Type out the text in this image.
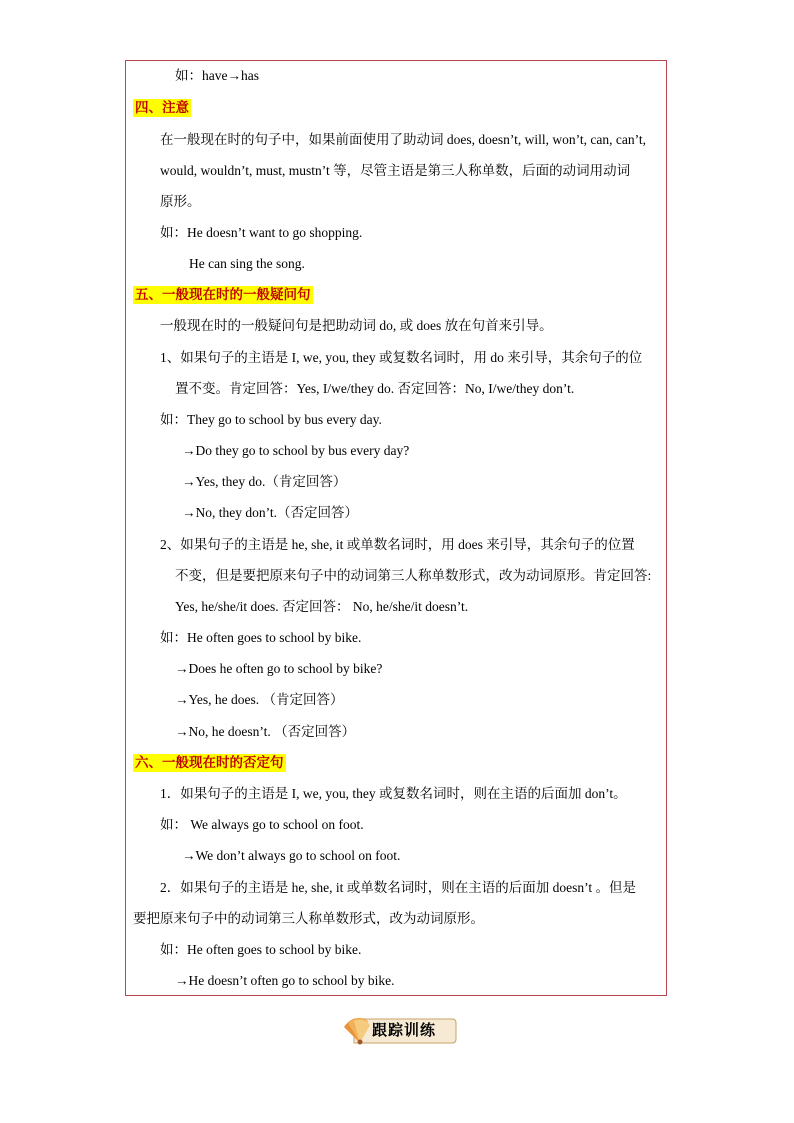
如：have→has
四、注意
在一般现在时的句子中，如果前面使用了助动词 does, doesn’t, will, won’t, can, can’t,
would, wouldn’t, must, mustn’t 等，尽管主语是第三人称单数，后面的动词用动词
原形。
如：He doesn’t want to go shopping.
He can sing the song.
五、一般现在时的一般疑问句
一般现在时的一般疑问句是把助动词 do, 或 does 放在句首来引导。
1、如果句子的主语是 I, we, you, they 或复数名词时，用 do 来引导，其余句子的位
置不变。肯定回答：Yes, I/we/they do. 否定回答：No, I/we/they don’t.
如：They go to school by bus every day.
→Do they go to school by bus every day?
→Yes, they do.（肯定回答）
→No, they don’t.（否定回答）
2、如果句子的主语是 he, she, it 或单数名词时，用 does 来引导，其余句子的位置
不变，但是要把原来句子中的动词第三人称单数形式，改为动词原形。肯定回答:
Yes, he/she/it does. 否定回答： No, he/she/it doesn’t.
如：He often goes to school by bike.
→Does he often go to school by bike?
→Yes, he does. （肯定回答）
→No, he doesn’t. （否定回答）
六、一般现在时的否定句
1．如果句子的主语是 I, we, you, they 或复数名词时，则在主语的后面加 don’t。
如： We always go to school on foot.
→We don’t always go to school on foot.
2．如果句子的主语是 he, she, it 或单数名词时，则在主语的后面加 doesn’t 。但是
要把原来句子中的动词第三人称单数形式，改为动词原形。
如：He often goes to school by bike.
→He doesn’t often go to school by bike.
跟踪训练
